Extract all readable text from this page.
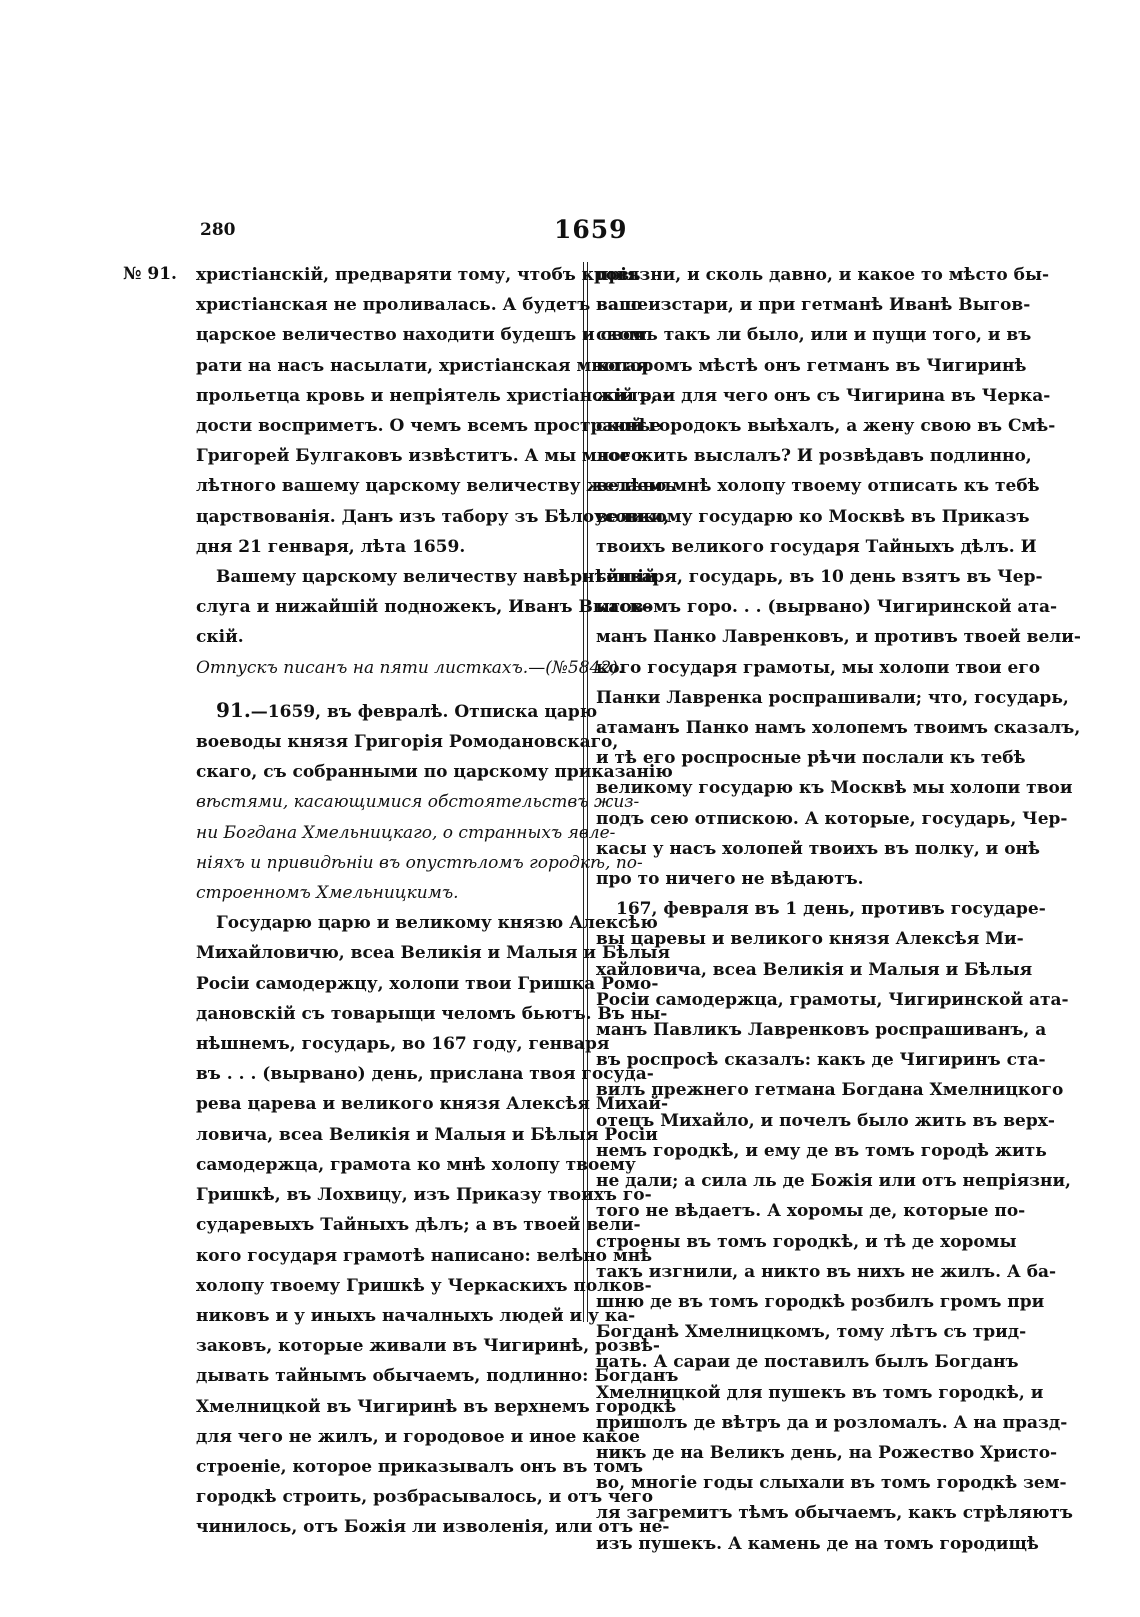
280	1659
№ 91. христiанскiй, предваряти тому, чтобъ кровь
христiанская не проливалась. А будетъ ваше
царское величество находити будешъ и свои
рати на насъ насылати, христiанская многая
прольетца кровь и непрiятель христiанскiй ра-
дости восприметъ. О чемъ всемъ пространнѣе
Григорей Булгаковъ извѣститъ. А мы много-
лѣтного вашему царскому величеству желаемъ
царствованiя. Данъ изъ табору зъ Бѣлоусовки,
дня 21 генваря, лѣта 1659.
Вашему царскому величеству навѣрнѣйшiй
слуга и нижайшiй подножекъ, Иванъ Выгов-
скiй.
Отпускъ писанъ на пяти листкахъ.—(№5842).
91.—1659, въ февралѣ. Отписка царю
воеводы князя Григорiя Ромодановскаго,
скаго, съ собранными по царскому приказанiю
вѣстями, касающимися обстоятельствъ жиз-
ни Богдана Хмельницкаго, о странныхъ явле-
нiяхъ и привидѣнiи въ опустѣломъ городкѣ, по-
строенномъ Хмельницкимъ.
Государю царю и великому князю Алексѣю
Михайловичю, всеа Великiя и Малыя и Бѣлыя
Росiи самодержцу, холопи твои Гришка Ромо-
дановскiй съ товарыщи челомъ бьютъ. Въ ны-
нѣшнемъ, государь, во 167 году, генваря
въ . . . (вырвано) день, прислана твоя госуда-
рева царева и великого князя Алексѣя Михай-
ловича, всеа Великiя и Малыя и Бѣлыя Росiи
самодержца, грамота ко мнѣ холопу твоему
Гришкѣ, въ Лохвицу, изъ Приказу твоихъ го-
сударевыхъ Тайныхъ дѣлъ; а въ твоей вели-
кого государя грамотѣ написано: велѣно мнѣ
холопу твоему Гришкѣ у Черкаскихъ полков-
никовъ и у иныхъ началныхъ людей и у ка-
заковъ, которые живали въ Чигиринѣ, розвѣ-
дывать тайнымъ обычаемъ, подлинно: Богданъ
Хмелницкой въ Чигиринѣ въ верхнемъ городкѣ
для чего не жилъ, и городовое и иное какое
строенiе, которое приказывалъ онъ въ томъ
городкѣ строить, розбрасывалось, и отъ чего
чинилось, отъ Божiя ли изволенiя, или отъ не-
прiязни, и сколь давно, и какое то мѣсто бы-
вало изстари, и при гетманѣ Иванѣ Выгов-
скомъ такъ ли было, или и пущи того, и въ
которомъ мѣстѣ онъ гетманъ въ Чигиринѣ
жилъ, и для чего онъ съ Чигирина въ Черка-
ской городокъ выѣхалъ, а жену свою въ Смѣ-
лое жить выслалъ? И розвѣдавъ подлинно,
велѣно мнѣ холопу твоему отписать къ тебѣ
великому государю ко Москвѣ въ Приказъ
твоихъ великого государя Тайныхъ дѣлъ. И
генваря, государь, въ 10 день взятъ въ Чер-
каскомъ горо. . . (вырвано) Чигиринской ата-
манъ Панко Лавренковъ, и противъ твоей вели-
кого государя грамоты, мы холопи твои его
Панки Лавренка роспрашивали; что, государь,
атаманъ Панко намъ холопемъ твоимъ сказалъ,
и тѣ его роспросные рѣчи послали къ тебѣ
великому государю къ Москвѣ мы холопи твои
подъ сею отпискою. А которые, государь, Чер-
касы у насъ холопей твоихъ въ полку, и онѣ
про то ничего не вѣдаютъ.
167, февраля въ 1 день, противъ государе-
вы царевы и великого князя Алексѣя Ми-
хайловича, всеа Великiя и Малыя и Бѣлыя
Росiи самодержца, грамоты, Чигиринской ата-
манъ Павликъ Лавренковъ роспрашиванъ, а
въ роспросѣ сказалъ: какъ де Чигиринъ ста-
вилъ прежнего гетмана Богдана Хмелницкого
отецъ Михайло, и почелъ было жить въ верх-
немъ городкѣ, и ему де въ томъ городѣ жить
не дали; а сила ль де Божiя или отъ непрiязни,
того не вѣдаетъ. А хоромы де, которые по-
строены въ томъ городкѣ, и тѣ де хоромы
такъ изгнили, а никто въ нихъ не жилъ. А ба-
шню де въ томъ городкѣ розбилъ громъ при
Богданѣ Хмелницкомъ, тому лѣтъ съ трид-
цать. А сараи де поставилъ былъ Богданъ
Хмелницкой для пушекъ въ томъ городкѣ, и
пришолъ де вѣтръ да и розломалъ. А на празд-
никъ де на Великъ день, на Рожество Христо-
во, многiе годы слыхали въ томъ городкѣ зем-
ля загремитъ тѣмъ обычаемъ, какъ стрѣляютъ
изъ пушекъ. А камень де на томъ городищѣ
